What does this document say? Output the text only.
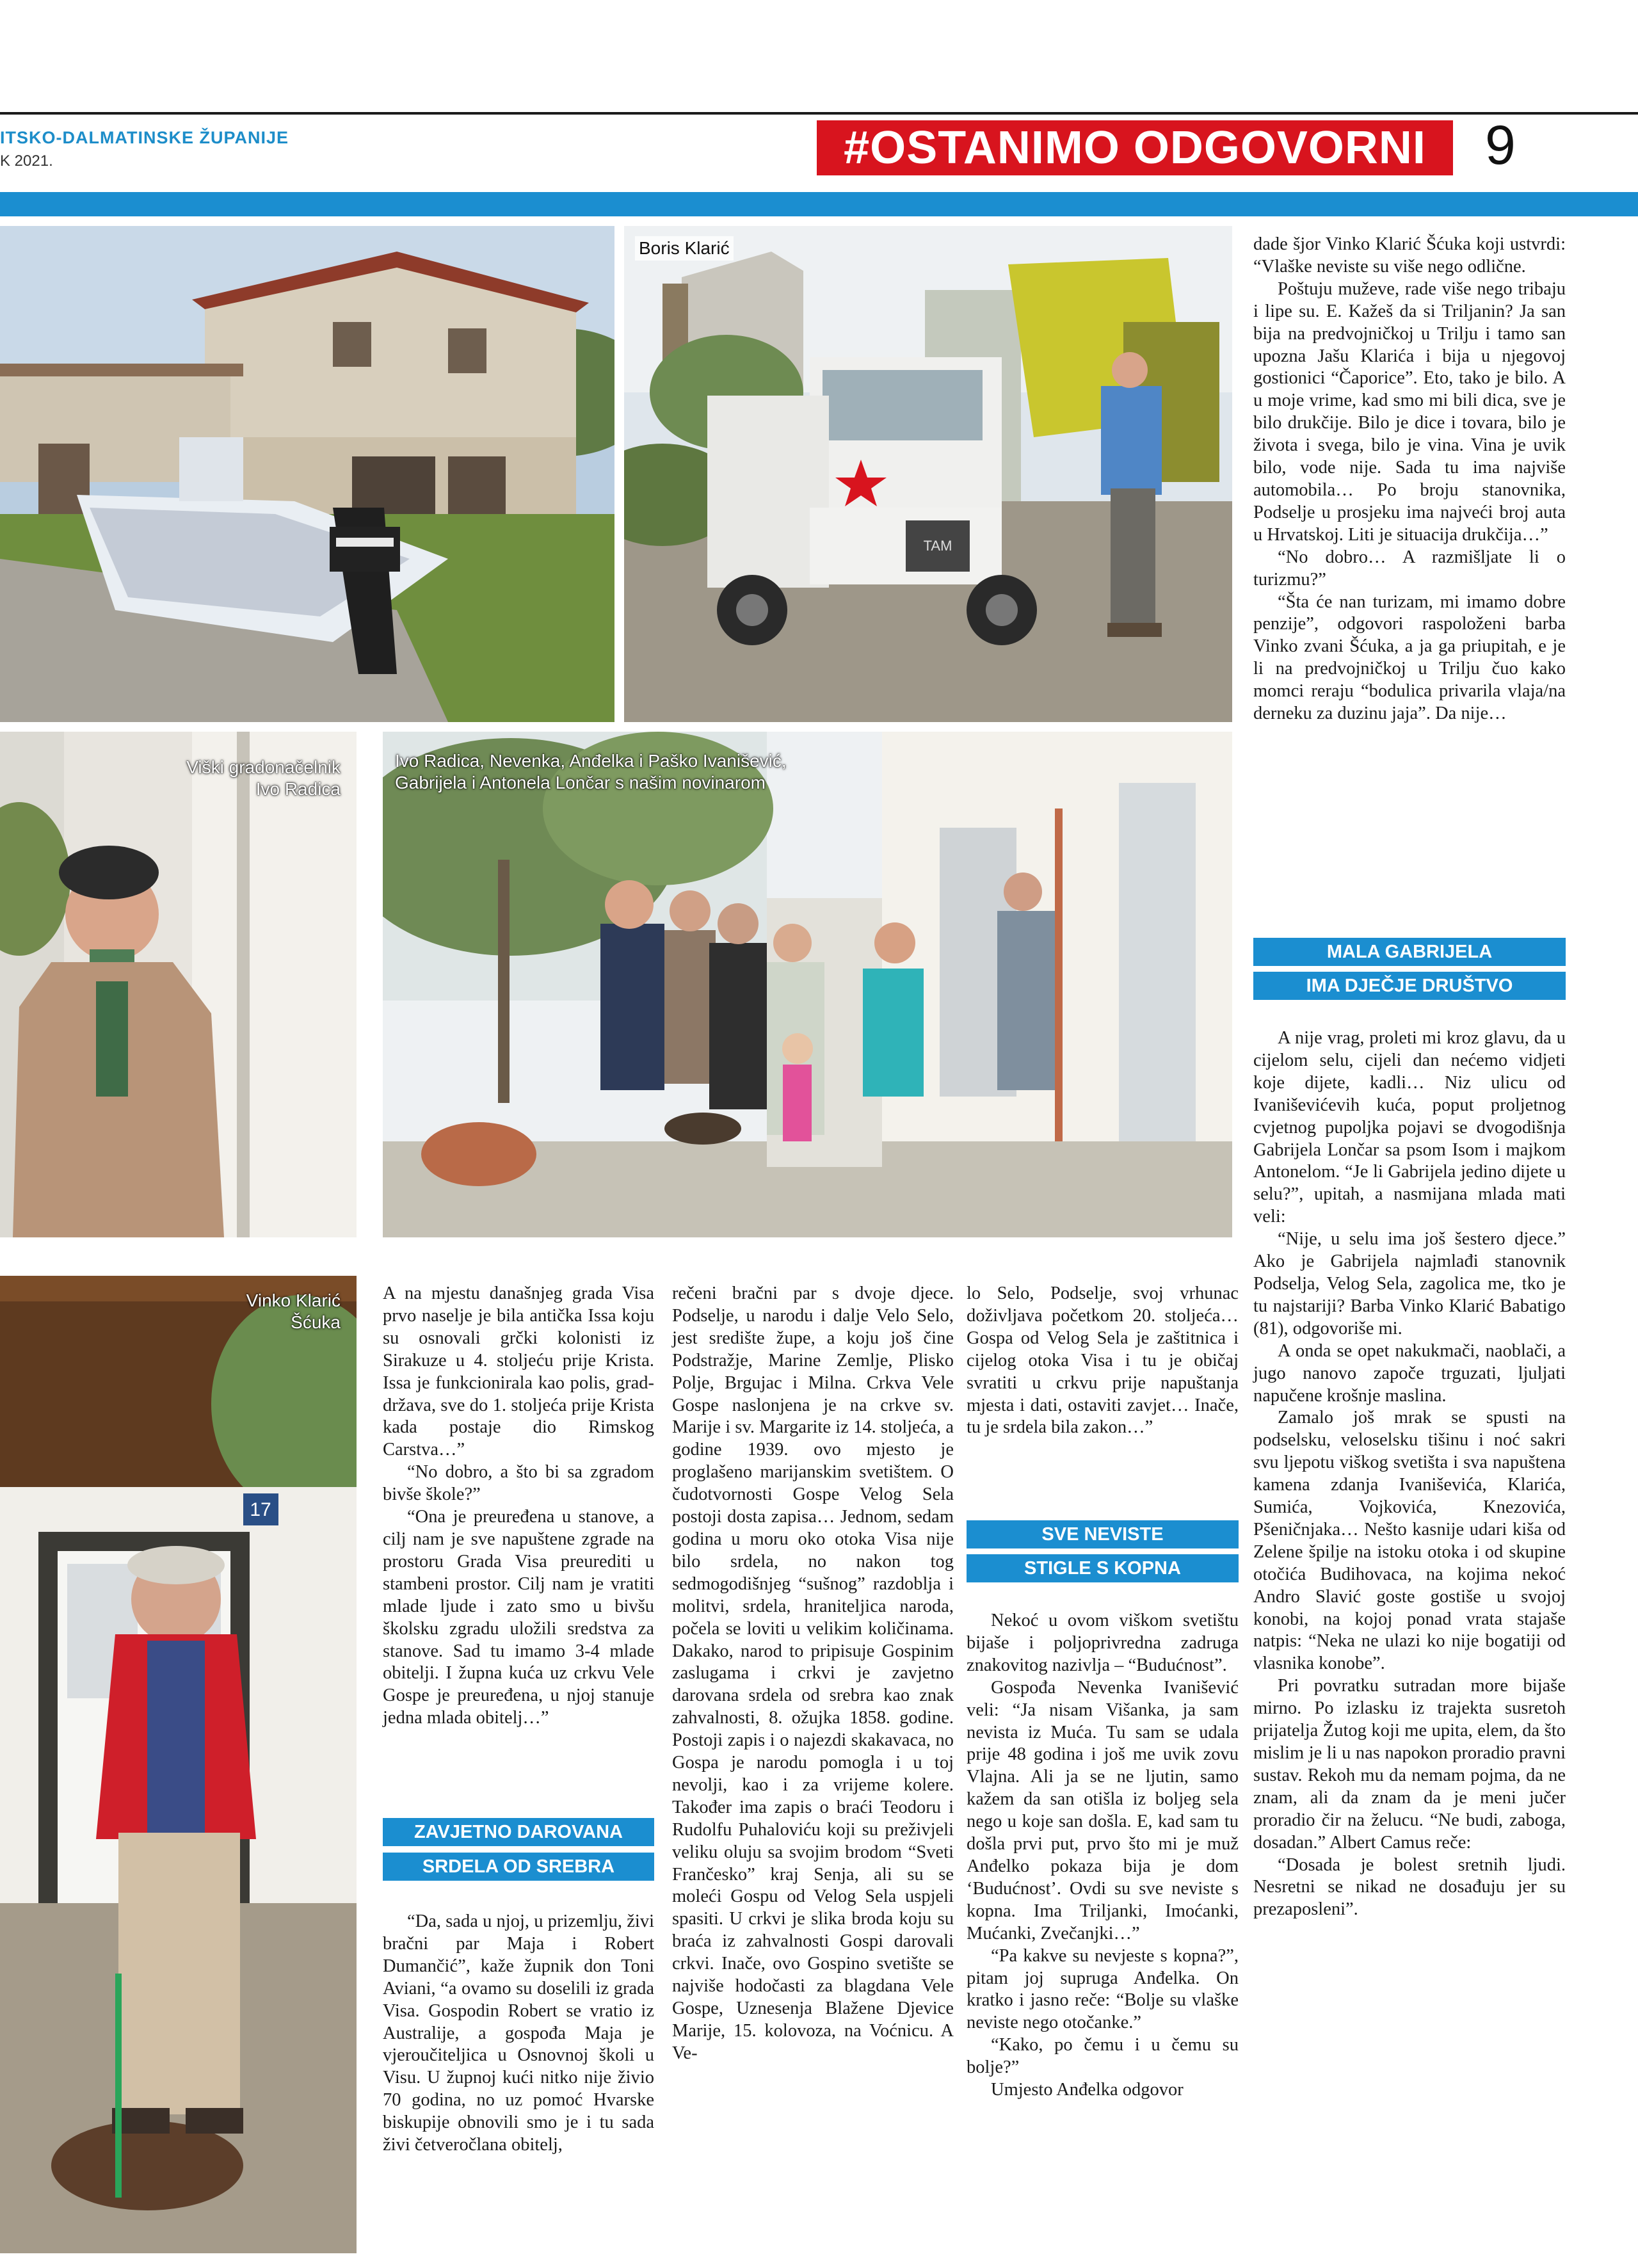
ITSKO-DALMATINSKE ŽUPANIJE
K 2021.	#OSTANIMO ODGOVORNI	9
TAM
Boris Klarić
Viški gradonačelnik Ivo Radica
Ivo Radica, Nevenka, Anđelka i Paško Ivanišević, Gabrijela i Antonela Lončar s našim novinarom
17
Vinko Klarić Šćuka

dade šjor Vinko Klarić Šćuka koji ustvrdi: “Vlaške neviste su više nego odlične.

Poštuju muževe, rade više nego tribaju i lipe su. E. Kažeš da si Triljanin? Ja san bija na predvojničkoj u Trilju i tamo san upozna Jašu Klarića i bija u njegovoj gostionici “Čaporice”. Eto, tako je bilo. A u moje vrime, kad smo mi bili dica, sve je bilo drukčije. Bilo je dice i tovara, bilo je života i svega, bilo je vina. Vina je uvik bilo, vode nije. Sada tu ima najviše automobila… Po broju stanovnika, Podselje u prosjeku ima najveći broj auta u Hrvatskoj. Liti je situacija drukčija…”

“No dobro… A razmišljate li o turizmu?”

“Šta će nan turizam, mi imamo dobre penzije”, odgovori raspoloženi barba Vinko zvani Šćuka, a ja ga priupitah, e je li na predvojničkoj u Trilju čuo kako momci reraju “bodulica privarila vlaja/na derneku za duzinu jaja”. Da nije…

MALA GABRIJELA
IMA DJEČJE DRUŠTVO

A nije vrag, proleti mi kroz glavu, da u cijelom selu, cijeli dan nećemo vidjeti koje dijete, kadli… Niz ulicu od Ivaniševićevih kuća, poput proljetnog cvjetnog pupoljka pojavi se dvogodišnja Gabrijela Lončar sa psom Isom i majkom Antonelom. “Je li Gabrijela jedino dijete u selu?”, upitah, a nasmijana mlada mati veli:

“Nije, u selu ima još šestero djece.” Ako je Gabrijela najmlađi stanovnik Podselja, Velog Sela, zagolica me, tko je tu najstariji? Barba Vinko Klarić Babatigo (81), odgovoriše mi.

A onda se opet nakukmači, naoblači, a jugo nanovo započe trguzati, ljuljati napučene krošnje maslina.

Zamalo još mrak se spusti na podselsku, veloselsku tišinu i noć sakri svu ljepotu viškog svetišta i sva napuštena kamena zdanja Ivaniševića, Klarića, Sumića, Vojkovića, Knezovića, Pšeničnjaka… Nešto kasnije udari kiša od Zelene špilje na istoku otoka i od skupine otočića Budihovaca, na kojima nekoć Andro Slavić goste gostiše u svojoj konobi, na kojoj ponad vrata stajaše natpis: “Neka ne ulazi ko nije bogatiji od vlasnika konobe”.

Pri povratku sutradan more bijaše mirno. Po izlasku iz trajekta susretoh prijatelja Žutog koji me upita, elem, da što mislim je li u nas napokon proradio pravni sustav. Rekoh mu da nemam pojma, da ne znam, ali da znam da je meni jučer proradio čir na želucu. “Ne budi, zaboga, dosadan.” Albert Camus reče:

“Dosada je bolest sretnih ljudi. Nesretni se nikad ne dosađuju jer su prezaposleni”.

A na mjestu današnjeg grada Visa prvo naselje je bila antička Issa koju su osnovali grčki kolonisti iz Sirakuze u 4. stoljeću prije Krista. Issa je funkcionirala kao polis, grad-država, sve do 1. stoljeća prije Krista kada postaje dio Rimskog Carstva…”

“No dobro, a što bi sa zgradom bivše škole?”

“Ona je preuređena u stanove, a cilj nam je sve napuštene zgrade na prostoru Grada Visa preurediti u stambeni prostor. Cilj nam je vratiti mlade ljude i zato smo u bivšu školsku zgradu uložili sredstva za stanove. Sad tu imamo 3-4 mlade obitelji. I župna kuća uz crkvu Vele Gospe je preuređena, u njoj stanuje jedna mlada obitelj…”

ZAVJETNO DAROVANA
SRDELA OD SREBRA

“Da, sada u njoj, u prizemlju, živi bračni par Maja i Robert Dumančić”, kaže župnik don Toni Aviani, “a ovamo su doselili iz grada Visa. Gospodin Robert se vratio iz Australije, a gospođa Maja je vjeroučiteljica u Osnovnoj školi u Visu. U župnoj kući nitko nije živio 70 godina, no uz pomoć Hvarske biskupije obnovili smo je i tu sada živi četveročlana obitelj,

rečeni bračni par s dvoje djece. Podselje, u narodu i dalje Velo Selo, jest središte župe, a koju još čine Podstražje, Marine Zemlje, Plisko Polje, Brgujac i Milna. Crkva Vele Gospe naslonjena je na crkve sv. Marije i sv. Margarite iz 14. stoljeća, a godine 1939. ovo mjesto je proglašeno marijanskim svetištem. O čudotvornosti Gospe Velog Sela postoji dosta zapisa… Jednom, sedam godina u moru oko otoka Visa nije bilo srdela, no nakon tog sedmogodišnjeg “sušnog” razdoblja i molitvi, srdela, hraniteljica naroda, počela se loviti u velikim količinama. Dakako, narod to pripisuje Gospinim zaslugama i crkvi je zavjetno darovana srdela od srebra kao znak zahvalnosti, 8. ožujka 1858. godine. Postoji zapis i o najezdi skakavaca, no Gospa je narodu pomogla i u toj nevolji, kao i za vrijeme kolere. Također ima zapis o braći Teodoru i Rudolfu Puhaloviću koji su preživjeli veliku oluju sa svojim brodom “Sveti Frančesko” kraj Senja, ali su se moleći Gospu od Velog Sela uspjeli spasiti. U crkvi je slika broda koju su braća iz zahvalnosti Gospi darovali crkvi. Inače, ovo Gospino svetište se najviše hodočasti za blagdana Vele Gospe, Uznesenja Blažene Djevice Marije, 15. kolovoza, na Voćnicu. A Ve-

lo Selo, Podselje, svoj vrhunac doživljava početkom 20. stoljeća… Gospa od Velog Sela je zaštitnica i cijelog otoka Visa i tu je običaj svratiti u crkvu prije napuštanja mjesta i dati, ostaviti zavjet… Inače, tu je srdela bila zakon…”

SVE NEVISTE
STIGLE S KOPNA

Nekoć u ovom viškom svetištu bijaše i poljoprivredna zadruga znakovitog nazivlja – “Budućnost”.

Gospođa Nevenka Ivanišević veli: “Ja nisam Višanka, ja sam nevista iz Muća. Tu sam se udala prije 48 godina i još me uvik zovu Vlajna. Ali ja se ne ljutin, samo kažem da san otišla iz boljeg sela nego u koje san došla. E, kad sam tu došla prvi put, prvo što mi je muž Anđelko pokaza bija je dom ‘Budućnost’. Ovdi su sve neviste s kopna. Ima Triljanki, Imoćanki, Mućanki, Zvečanjki…”

“Pa kakve su nevjeste s kopna?”, pitam joj supruga Anđelka. On kratko i jasno reče: “Bolje su vlaške neviste nego otočanke.”

“Kako, po čemu i u čemu su bolje?”

Umjesto Anđelka odgovor
